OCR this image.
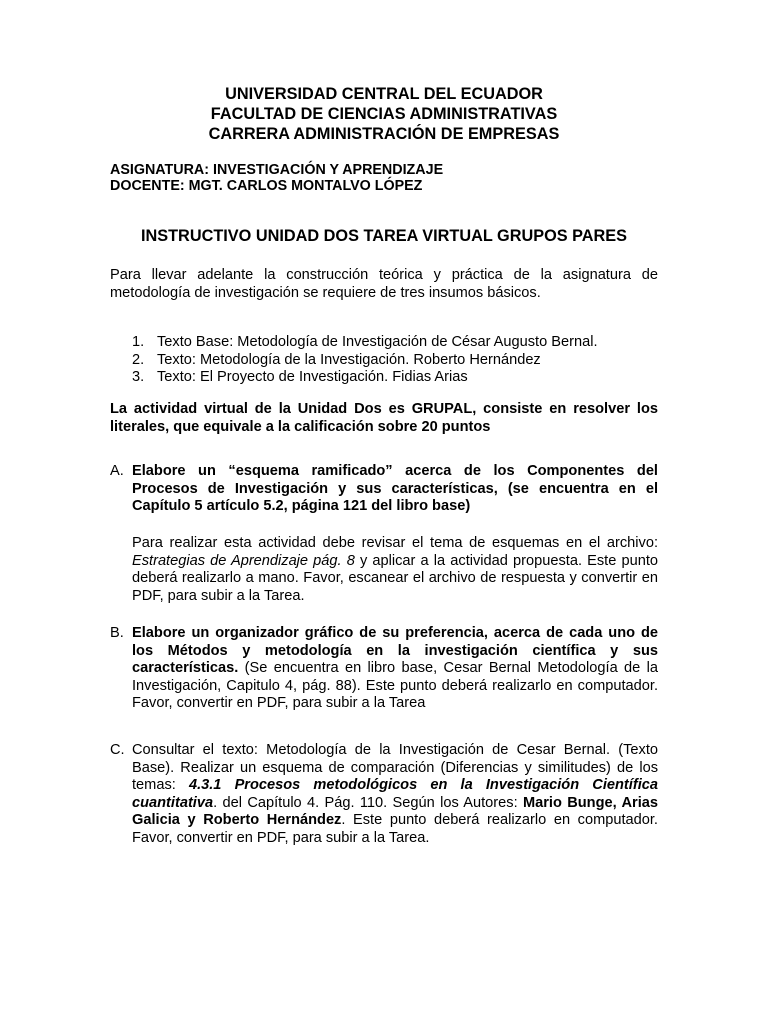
UNIVERSIDAD CENTRAL DEL ECUADOR
FACULTAD DE CIENCIAS ADMINISTRATIVAS
CARRERA ADMINISTRACIÓN DE EMPRESAS
ASIGNATURA: INVESTIGACIÓN Y APRENDIZAJE
DOCENTE: MGT. CARLOS MONTALVO LÓPEZ
INSTRUCTIVO UNIDAD DOS TAREA VIRTUAL GRUPOS PARES
Para llevar adelante la construcción teórica y práctica de la asignatura de metodología de investigación se requiere de tres insumos básicos.
1. Texto Base: Metodología de Investigación de César Augusto Bernal.
2. Texto: Metodología de la Investigación. Roberto Hernández
3. Texto: El Proyecto de Investigación. Fidias Arias
La actividad virtual de la Unidad Dos es GRUPAL, consiste en resolver los literales, que equivale a la calificación sobre 20 puntos
A. Elabore un “esquema ramificado” acerca de los Componentes del Procesos de Investigación y sus características, (se encuentra en el Capítulo 5 artículo 5.2, página 121 del libro base)
Para realizar esta actividad debe revisar el tema de esquemas en el archivo: Estrategias de Aprendizaje pág. 8 y aplicar a la actividad propuesta. Este punto deberá realizarlo a mano. Favor, escanear el archivo de respuesta y convertir en PDF, para subir a la Tarea.
B. Elabore un organizador gráfico de su preferencia, acerca de cada uno de los Métodos y metodología en la investigación científica y sus características. (Se encuentra en libro base, Cesar Bernal Metodología de la Investigación, Capitulo 4, pág. 88). Este punto deberá realizarlo en computador. Favor, convertir en PDF, para subir a la Tarea
C. Consultar el texto: Metodología de la Investigación de Cesar Bernal. (Texto Base). Realizar un esquema de comparación (Diferencias y similitudes) de los temas: 4.3.1 Procesos metodológicos en la Investigación Científica cuantitativa. del Capítulo 4. Pág. 110. Según los Autores: Mario Bunge, Arias Galicia y Roberto Hernández. Este punto deberá realizarlo en computador. Favor, convertir en PDF, para subir a la Tarea.
